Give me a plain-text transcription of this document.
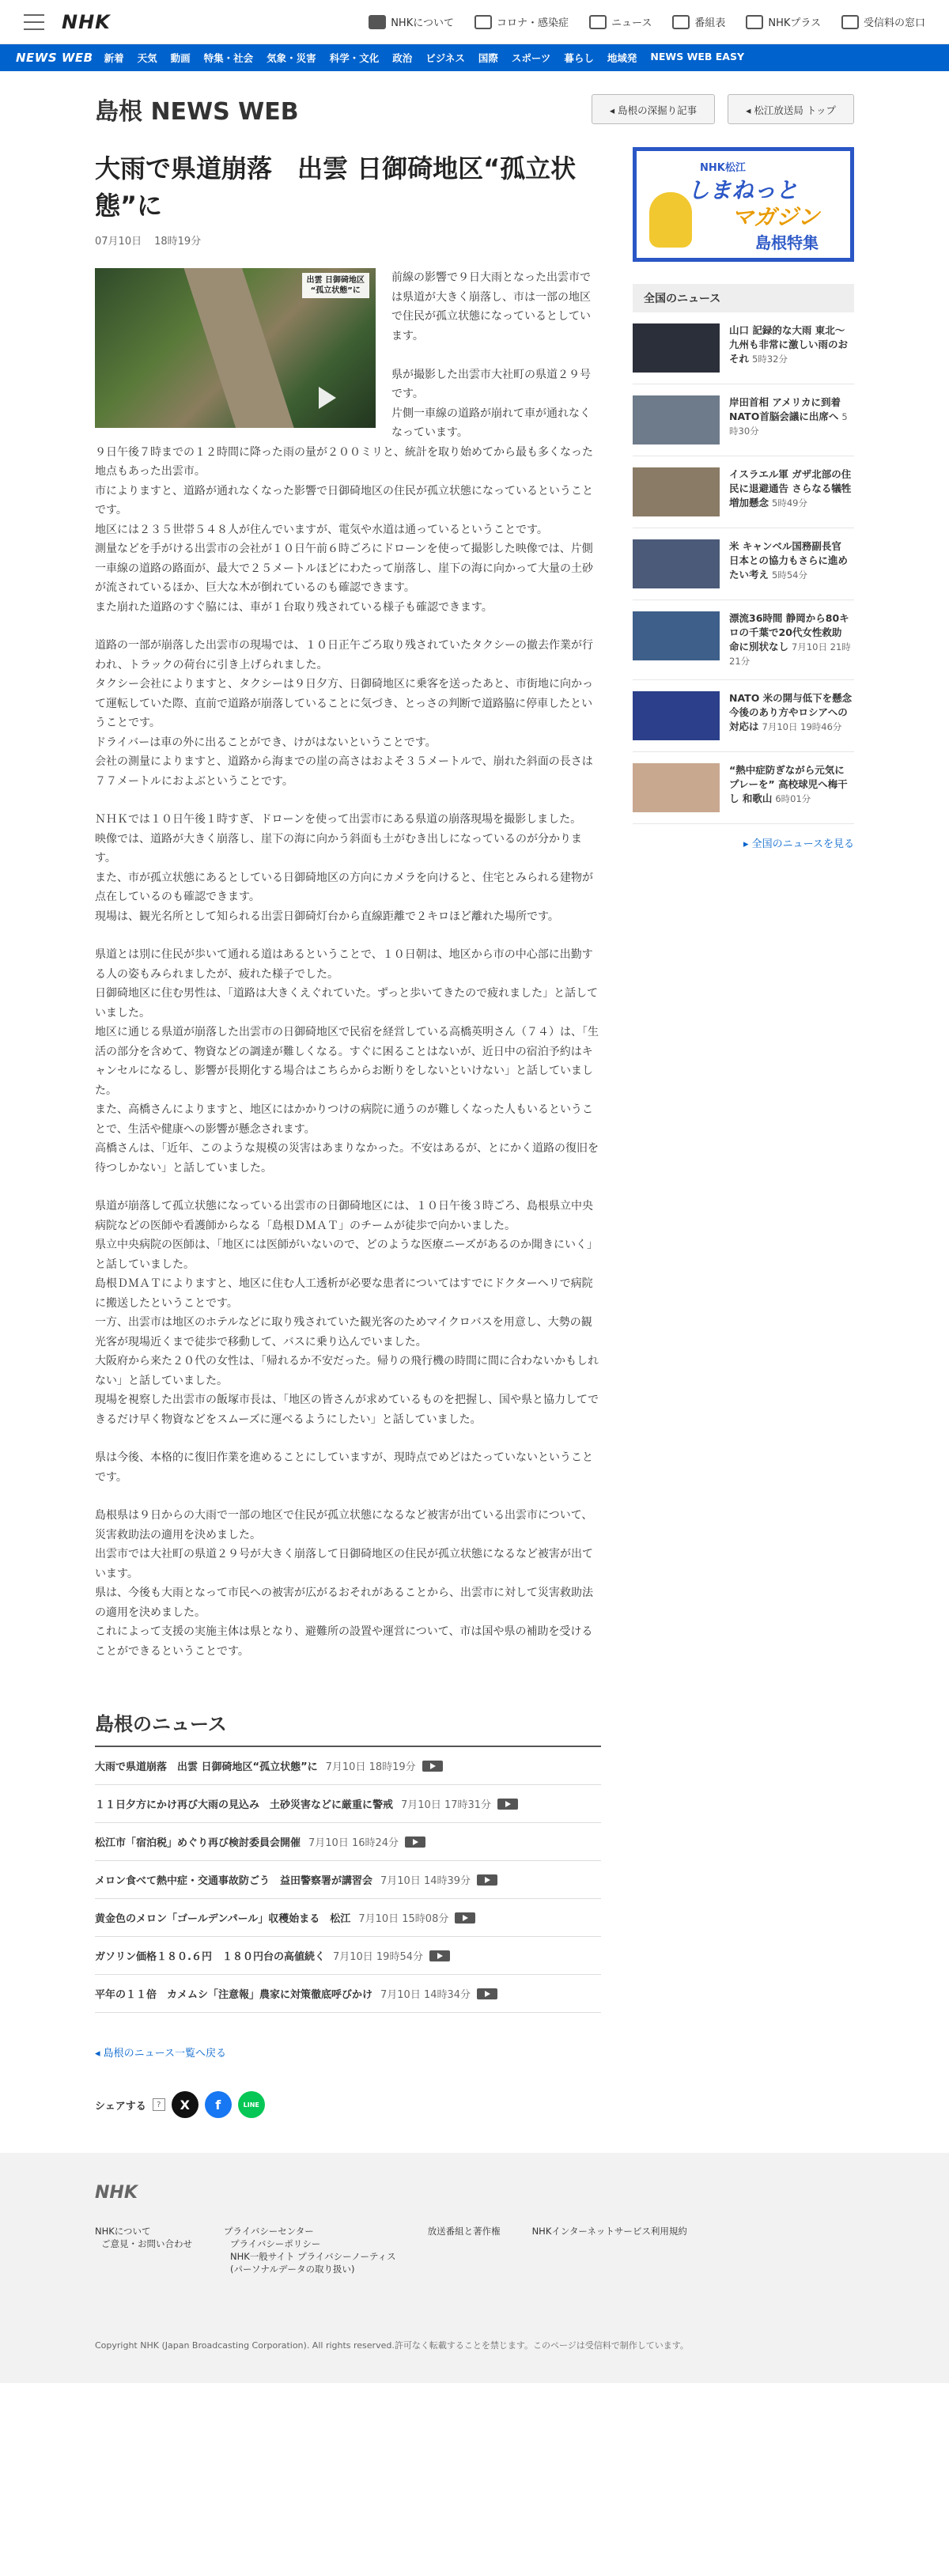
NHK	NHKについて	コロナ・感染症	ニュース	番組表	NHKプラス	受信料の窓口
NEWS WEB	新着 天気 動画 特集・社会 気象・災害 科学・文化 政治 ビジネス 国際 スポーツ 暮らし 地域発 NEWS WEB EASY
島根 NEWS WEB	◂ 島根の深掘り記事	◂ 松江放送局 トップ
大雨で県道崩落　出雲 日御碕地区“孤立状態”に
07月10日 18時19分
出雲 日御碕地区
“孤立状態”に

前線の影響で９日大雨となった出雲市では県道が大きく崩落し、市は一部の地区で住民が孤立状態になっているとしています。

県が撮影した出雲市大社町の県道２９号です。
片側一車線の道路が崩れて車が通れなくなっています。

９日午後７時までの１２時間に降った雨の量が２００ミリと、統計を取り始めてから最も多くなった地点もあった出雲市。
市によりますと、道路が通れなくなった影響で日御碕地区の住民が孤立状態になっているということです。
地区には２３５世帯５４８人が住んでいますが、電気や水道は通っているということです。
測量などを手がける出雲市の会社が１０日午前６時ごろにドローンを使って撮影した映像では、片側一車線の道路の路面が、最大で２５メートルほどにわたって崩落し、崖下の海に向かって大量の土砂が流されているほか、巨大な木が倒れているのも確認できます。
また崩れた道路のすぐ脇には、車が１台取り残されている様子も確認できます。

道路の一部が崩落した出雲市の現場では、１０日正午ごろ取り残されていたタクシーの撤去作業が行われ、トラックの荷台に引き上げられました。
タクシー会社によりますと、タクシーは９日夕方、日御碕地区に乗客を送ったあと、市街地に向かって運転していた際、直前で道路が崩落していることに気づき、とっさの判断で道路脇に停車したということです。
ドライバーは車の外に出ることができ、けがはないということです。
会社の測量によりますと、道路から海までの崖の高さはおよそ３５メートルで、崩れた斜面の長さは７７メートルにおよぶということです。

ＮＨＫでは１０日午後１時すぎ、ドローンを使って出雲市にある県道の崩落現場を撮影しました。
映像では、道路が大きく崩落し、崖下の海に向かう斜面も土がむき出しになっているのが分かります。
また、市が孤立状態にあるとしている日御碕地区の方向にカメラを向けると、住宅とみられる建物が点在しているのも確認できます。
現場は、観光名所として知られる出雲日御碕灯台から直線距離で２キロほど離れた場所です。

県道とは別に住民が歩いて通れる道はあるということで、１０日朝は、地区から市の中心部に出勤する人の姿もみられましたが、疲れた様子でした。
日御碕地区に住む男性は、「道路は大きくえぐれていた。ずっと歩いてきたので疲れました」と話していました。
地区に通じる県道が崩落した出雲市の日御碕地区で民宿を経営している高橋英明さん（７４）は、「生活の部分を含めて、物資などの調達が難しくなる。すぐに困ることはないが、近日中の宿泊予約はキャンセルになるし、影響が長期化する場合はこちらからお断りをしないといけない」と話していました。
また、高橋さんによりますと、地区にはかかりつけの病院に通うのが難しくなった人もいるということで、生活や健康への影響が懸念されます。
高橋さんは、「近年、このような規模の災害はあまりなかった。不安はあるが、とにかく道路の復旧を待つしかない」と話していました。

県道が崩落して孤立状態になっている出雲市の日御碕地区には、１０日午後３時ごろ、島根県立中央病院などの医師や看護師からなる「島根ＤＭＡＴ」のチームが徒歩で向かいました。
県立中央病院の医師は、「地区には医師がいないので、どのような医療ニーズがあるのか聞きにいく」と話していました。
島根ＤＭＡＴによりますと、地区に住む人工透析が必要な患者についてはすでにドクターヘリで病院に搬送したということです。
一方、出雲市は地区のホテルなどに取り残されていた観光客のためマイクロバスを用意し、大勢の観光客が現場近くまで徒歩で移動して、バスに乗り込んでいました。
大阪府から来た２０代の女性は、「帰れるか不安だった。帰りの飛行機の時間に間に合わないかもしれない」と話していました。
現場を視察した出雲市の飯塚市長は、「地区の皆さんが求めているものを把握し、国や県と協力してできるだけ早く物資などをスムーズに運べるようにしたい」と話していました。

県は今後、本格的に復旧作業を進めることにしていますが、現時点でめどはたっていないということです。

島根県は９日からの大雨で一部の地区で住民が孤立状態になるなど被害が出ている出雲市について、災害救助法の適用を決めました。
出雲市では大社町の県道２９号が大きく崩落して日御碕地区の住民が孤立状態になるなど被害が出ています。
県は、今後も大雨となって市民への被害が広がるおそれがあることから、出雲市に対して災害救助法の適用を決めました。
これによって支援の実施主体は県となり、避難所の設置や運営について、市は国や県の補助を受けることができるということです。

島根のニュース
大雨で県道崩落　出雲 日御碕地区“孤立状態”に 7月10日 18時19分
１１日夕方にかけ再び大雨の見込み　土砂災害などに厳重に警戒 7月10日 17時31分
松江市「宿泊税」めぐり再び検討委員会開催 7月10日 16時24分
メロン食べて熱中症・交通事故防ごう　益田警察署が講習会 7月10日 14時39分
黄金色のメロン「ゴールデンパール」収穫始まる　松江 7月10日 15時08分
ガソリン価格１８０.６円　１８０円台の高値続く 7月10日 19時54分
平年の１１倍　カメムシ「注意報」農家に対策徹底呼びかけ 7月10日 14時34分
◂ 島根のニュース一覧へ戻る
シェアする	?	X	f	LINE
NHK松江
しまねっと
マガジン
島根特集
全国のニュース
山口 記録的な大雨 東北〜九州も非常に激しい雨のおそれ 5時32分
岸田首相 アメリカに到着 NATO首脳会議に出席へ 5時30分
イスラエル軍 ガザ北部の住民に退避通告 さらなる犠牲増加懸念 5時49分
米 キャンベル国務副長官 日本との協力もさらに進めたい考え 5時54分
漂流36時間 静岡から80キロの千葉で20代女性救助 命に別状なし 7月10日 21時21分
NATO 米の開与低下を懸念 今後のあり方やロシアへの対応は 7月10日 19時46分
“熱中症防ぎながら元気にプレーを” 高校球児へ梅干し 和歌山 6時01分
▸ 全国のニュースを見る
NHK
NHKについて
ご意見・お問い合わせ
プライバシーセンター
プライバシーポリシー
NHK一般サイト プライバシーノーティス
(パーソナルデータの取り扱い)
放送番組と著作権	NHKインターネットサービス利用規約
Copyright NHK (Japan Broadcasting Corporation). All rights reserved.許可なく転載することを禁じます。このページは受信料で制作しています。
